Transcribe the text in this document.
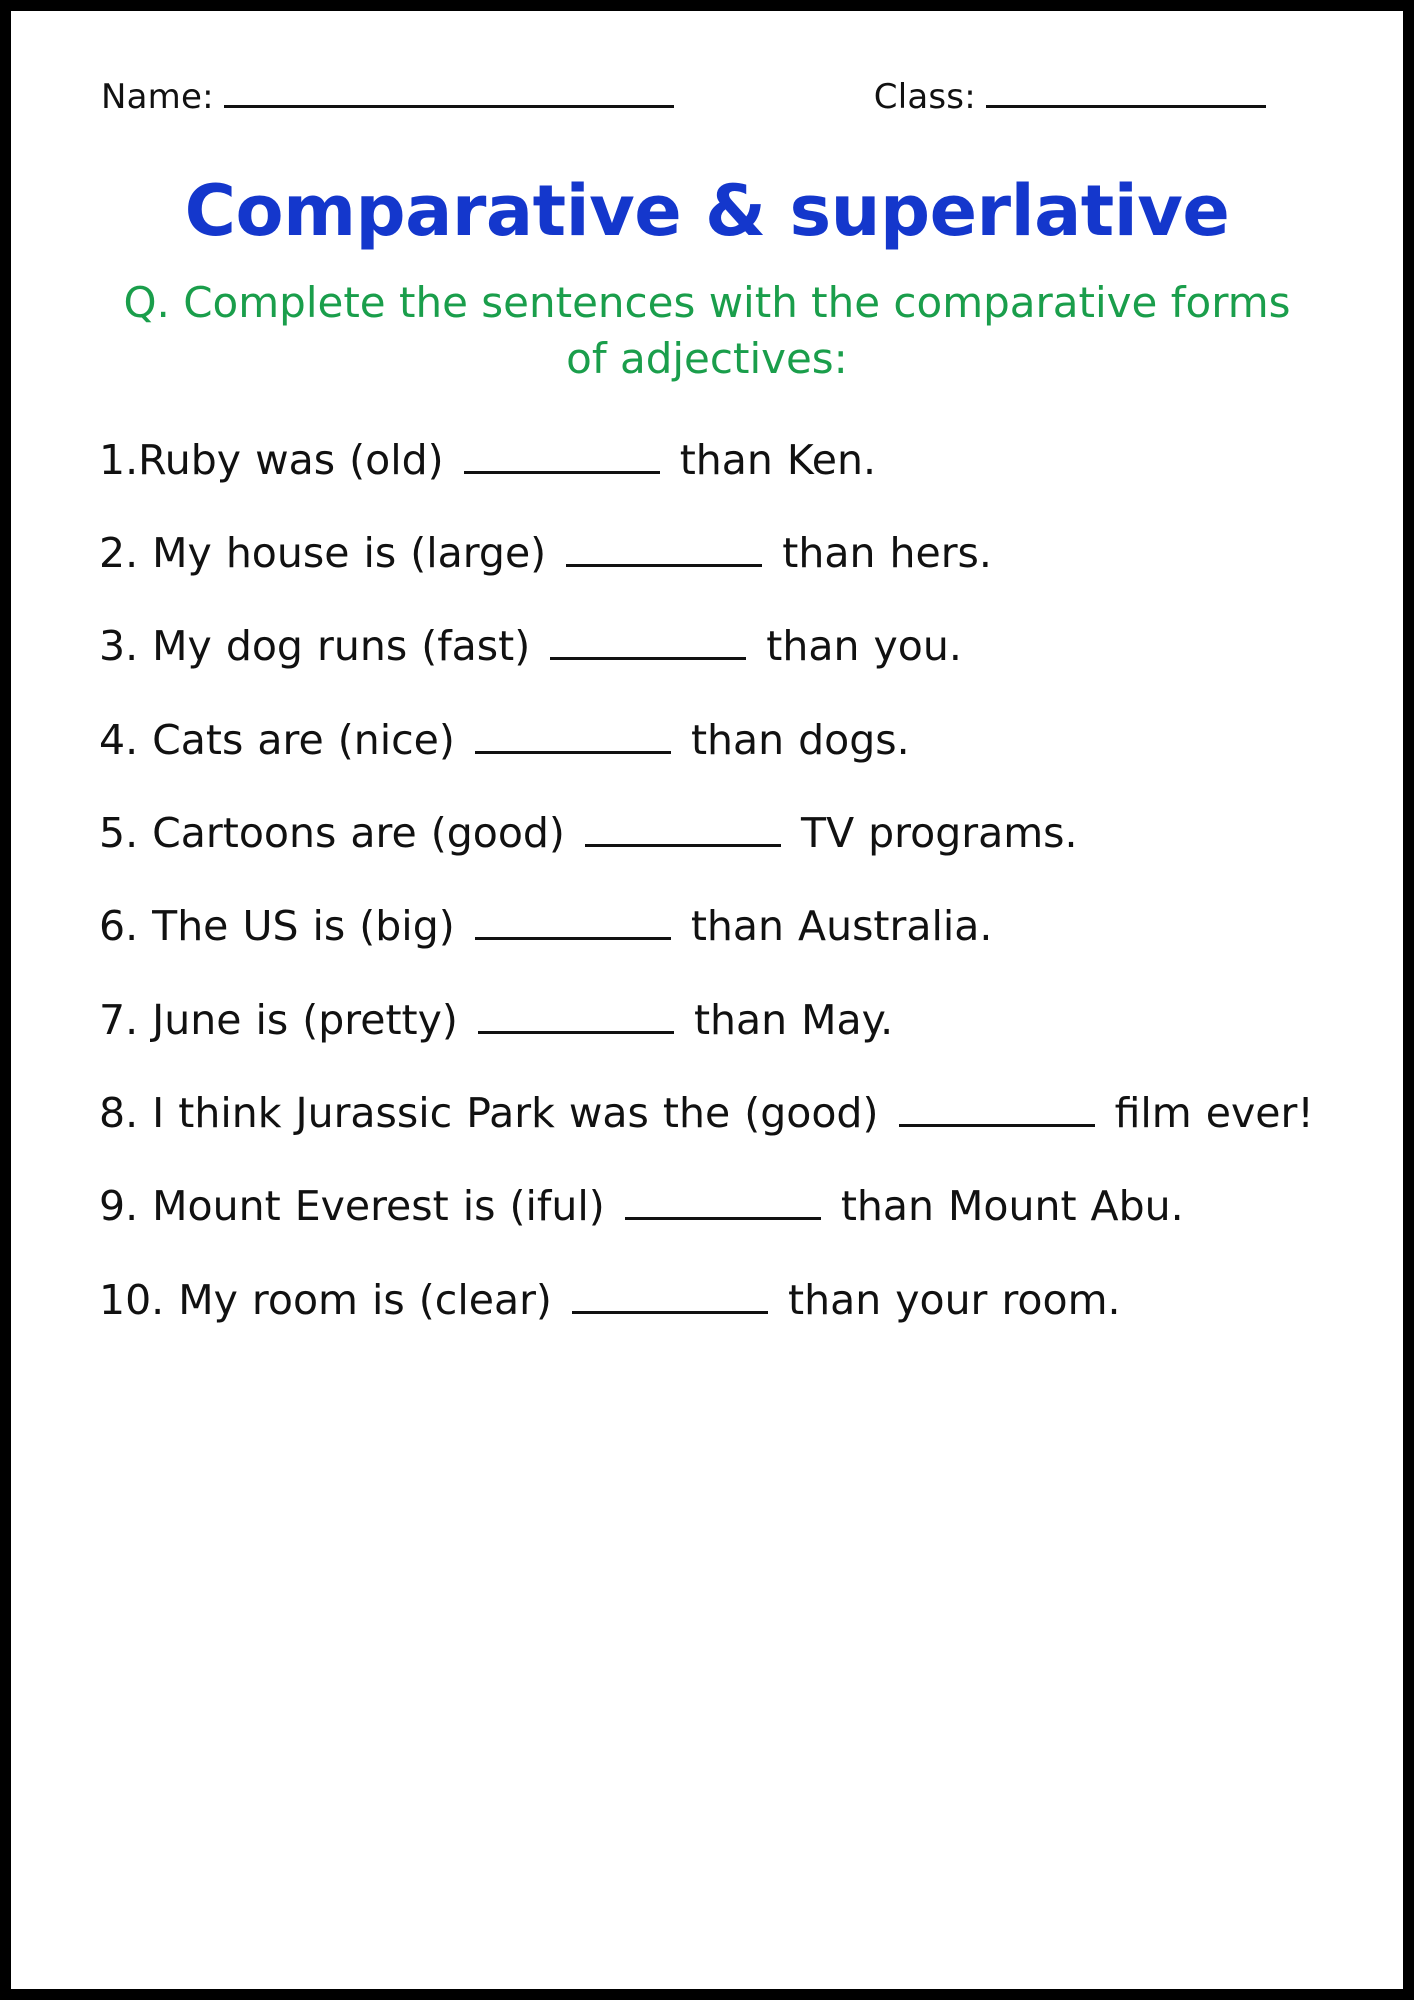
Name:	Class:
Comparative & superlative
Q. Complete the sentences with the comparative forms of adjectives:
1.Ruby was (old)	than Ken.
2. My house is (large)	than hers.
3. My dog runs (fast)	than you.
4. Cats are (nice)	than dogs.
5. Cartoons are (good)	TV programs.
6. The US is (big)	than Australia.
7. June is (pretty)	than May.
8. I think Jurassic Park was the (good)	film ever!
9. Mount Everest is (iful)	than Mount Abu.
10. My room is (clear)	than your room.
